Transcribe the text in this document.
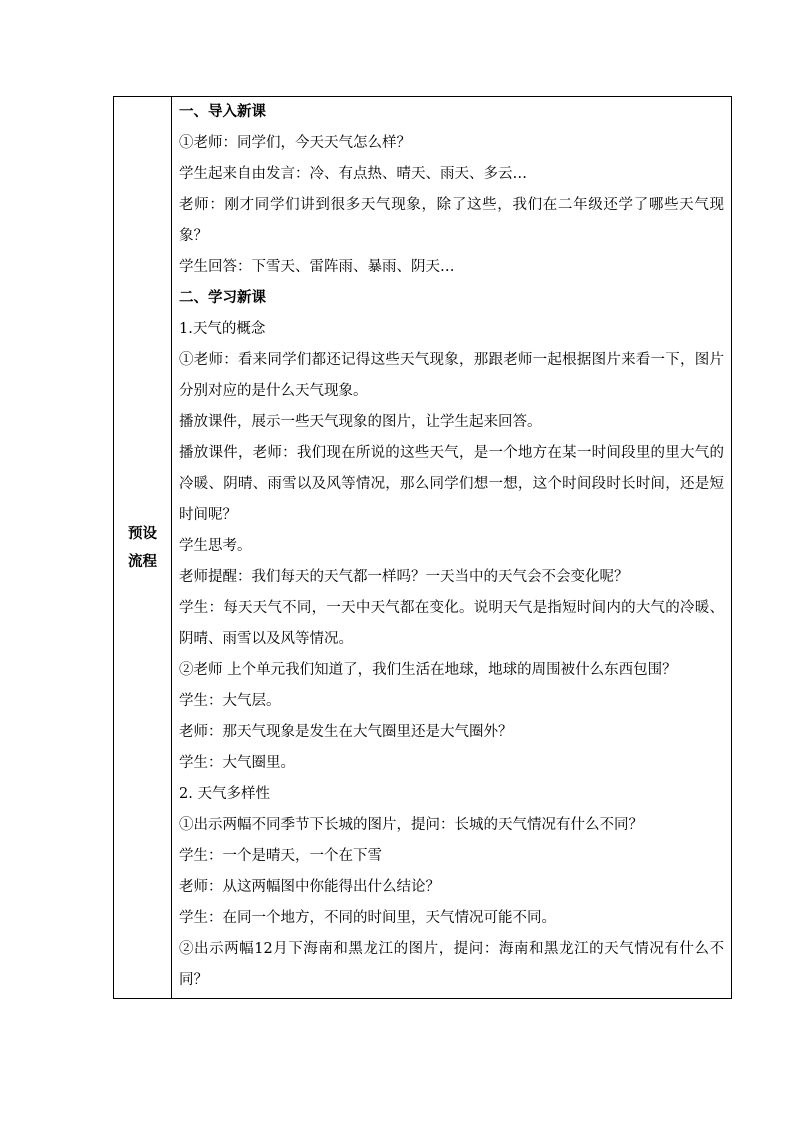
预设流程
一、导入新课
①老师：同学们，今天天气怎么样？
学生起来自由发言：冷、有点热、晴天、雨天、多云…
老师：刚才同学们讲到很多天气现象，除了这些，我们在二年级还学了哪些天气现象？
学生回答：下雪天、雷阵雨、暴雨、阴天…
二、学习新课
1.天气的概念
①老师：看来同学们都还记得这些天气现象，那跟老师一起根据图片来看一下，图片分别对应的是什么天气现象。
播放课件，展示一些天气现象的图片，让学生起来回答。
播放课件，老师：我们现在所说的这些天气，是一个地方在某一时间段里的里大气的冷暖、阴晴、雨雪以及风等情况，那么同学们想一想，这个时间段时长时间，还是短时间呢？
学生思考。
老师提醒：我们每天的天气都一样吗？一天当中的天气会不会变化呢？
学生：每天天气不同，一天中天气都在变化。说明天气是指短时间内的大气的冷暖、阴晴、雨雪以及风等情况。
②老师 上个单元我们知道了，我们生活在地球，地球的周围被什么东西包围？
学生：大气层。
老师：那天气现象是发生在大气圈里还是大气圈外？
学生：大气圈里。
2. 天气多样性
①出示两幅不同季节下长城的图片，提问：长城的天气情况有什么不同？
学生：一个是晴天，一个在下雪
老师：从这两幅图中你能得出什么结论？
学生：在同一个地方，不同的时间里，天气情况可能不同。
②出示两幅12月下海南和黑龙江的图片，提问：海南和黑龙江的天气情况有什么不同？
